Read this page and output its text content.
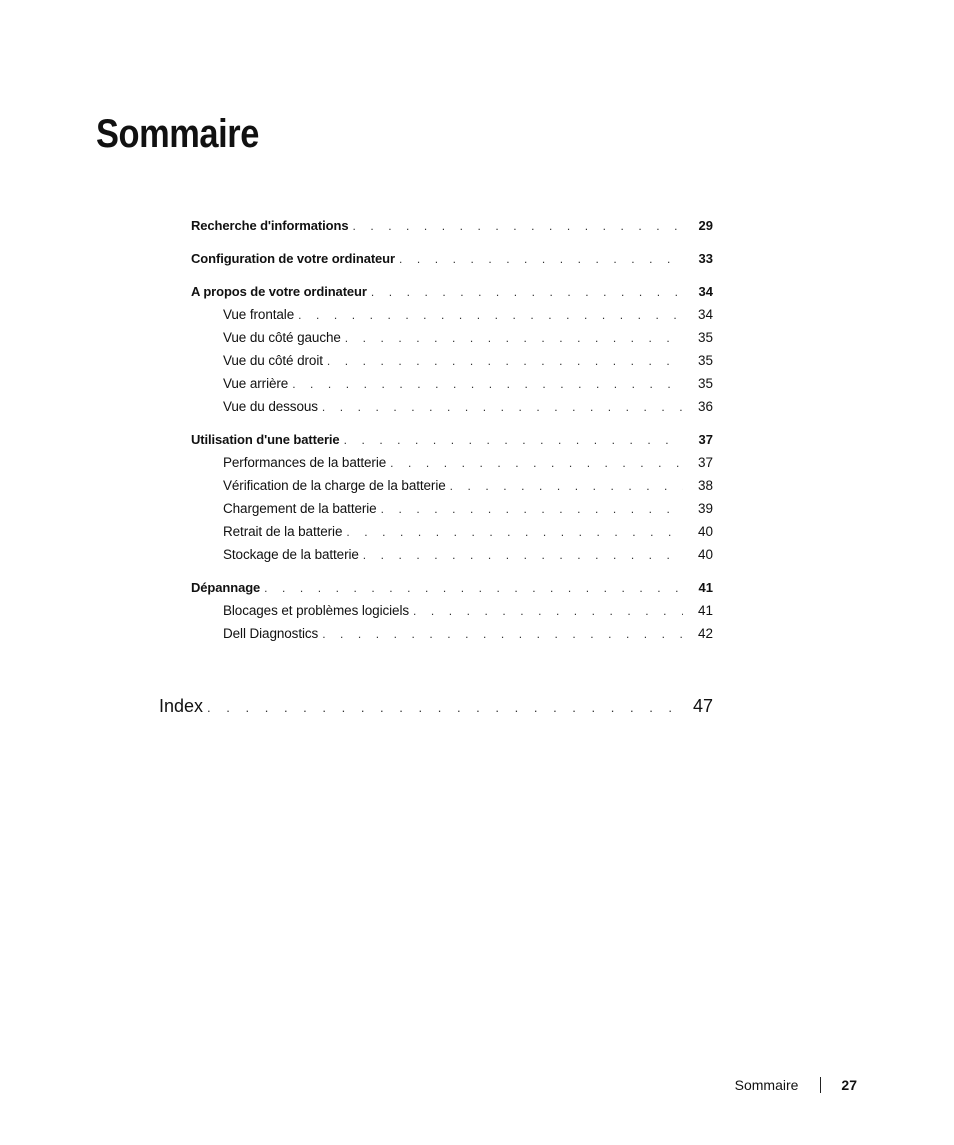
Sommaire
Recherche d'informations . . .	29
Configuration de votre ordinateur . . .	33
A propos de votre ordinateur . . .	34
Vue frontale . . .	34
Vue du côté gauche . . .	35
Vue du côté droit . . .	35
Vue arrière . . .	35
Vue du dessous . . .	36
Utilisation d'une batterie . . .	37
Performances de la batterie . . .	37
Vérification de la charge de la batterie . . .	38
Chargement de la batterie . . .	39
Retrait de la batterie . . .	40
Stockage de la batterie . . .	40
Dépannage . . .	41
Blocages et problèmes logiciels . . .	41
Dell Diagnostics . . .	42
Index . . .	47
Sommaire	27
